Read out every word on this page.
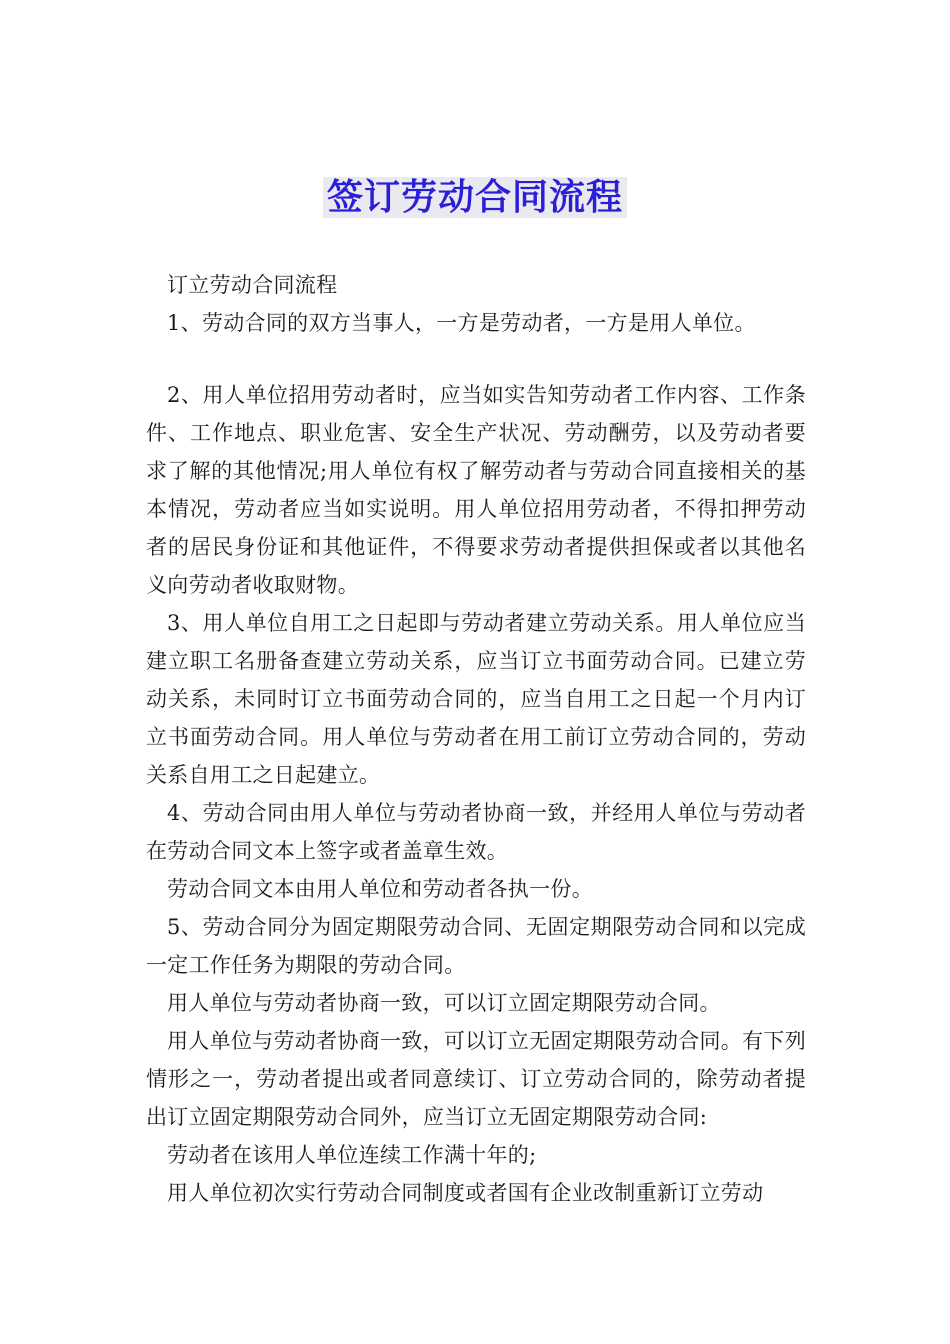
签订劳动合同流程

订立劳动合同流程

1、劳动合同的双方当事人，一方是劳动者，一方是用人单位。

2、用人单位招用劳动者时，应当如实告知劳动者工作内容、工作条件、工作地点、职业危害、安全生产状况、劳动酬劳，以及劳动者要求了解的其他情况;用人单位有权了解劳动者与劳动合同直接相关的基本情况，劳动者应当如实说明。用人单位招用劳动者，不得扣押劳动者的居民身份证和其他证件，不得要求劳动者提供担保或者以其他名义向劳动者收取财物。

3、用人单位自用工之日起即与劳动者建立劳动关系。用人单位应当建立职工名册备查建立劳动关系，应当订立书面劳动合同。已建立劳动关系，未同时订立书面劳动合同的，应当自用工之日起一个月内订立书面劳动合同。用人单位与劳动者在用工前订立劳动合同的，劳动关系自用工之日起建立。

4、劳动合同由用人单位与劳动者协商一致，并经用人单位与劳动者在劳动合同文本上签字或者盖章生效。

劳动合同文本由用人单位和劳动者各执一份。

5、劳动合同分为固定期限劳动合同、无固定期限劳动合同和以完成一定工作任务为期限的劳动合同。

用人单位与劳动者协商一致，可以订立固定期限劳动合同。

用人单位与劳动者协商一致，可以订立无固定期限劳动合同。有下列情形之一，劳动者提出或者同意续订、订立劳动合同的，除劳动者提出订立固定期限劳动合同外，应当订立无固定期限劳动合同:

劳动者在该用人单位连续工作满十年的;

用人单位初次实行劳动合同制度或者国有企业改制重新订立劳动
